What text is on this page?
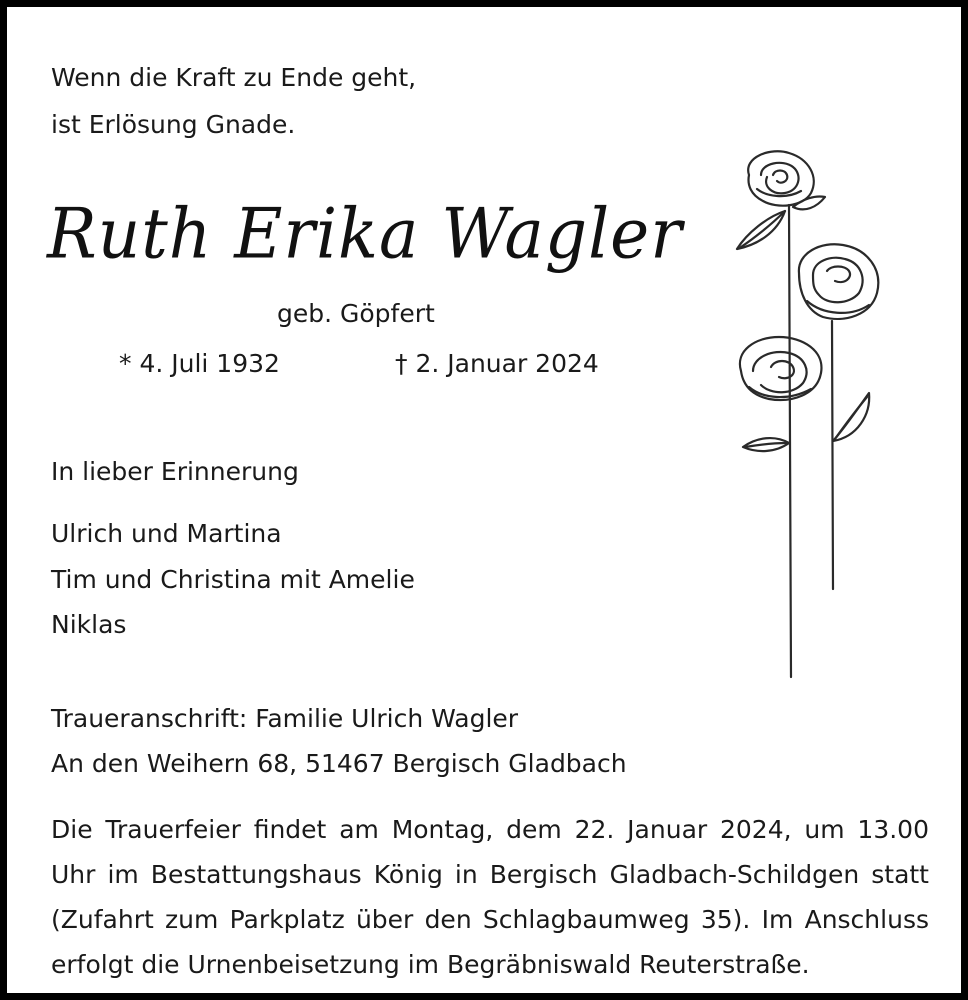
Wenn die Kraft zu Ende geht,

ist Erlösung Gnade.

Ruth Erika Wagler

geb. Göpfert

* 4. Juli 1932	† 2. Januar 2024

In lieber Erinnerung

Ulrich und Martina

Tim und Christina mit Amelie

Niklas

Traueranschrift: Familie Ulrich Wagler

An den Weihern 68, 51467 Bergisch Gladbach

Die Trauerfeier findet am Montag, dem 22. Januar 2024, um 13.00 Uhr im Bestattungshaus König in Bergisch Gladbach-Schildgen statt (Zufahrt zum Parkplatz über den Schlagbaumweg 35). Im Anschluss erfolgt die Urnenbeisetzung im Begräbniswald Reuterstraße.
